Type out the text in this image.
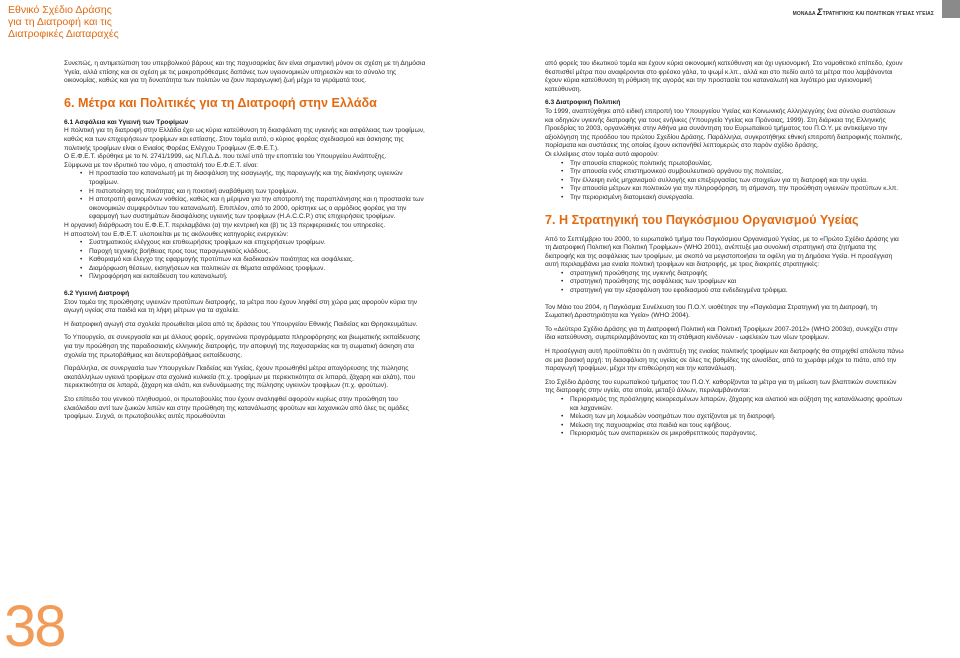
Εθνικό Σχέδιο Δράσης
για τη Διατροφή και τις
Διατροφικές Διαταραχές
ΜΟΝΑΔΑ ΣΤΡΑΤΗΓΙΚΗΣ ΚΑΙ ΠΟΛΙΤΙΚΩΝ ΥΓΕΙΑΣ ΥΓΕΙΑΣ
38

Συνεπώς, η αντιμετώπιση του υπερβολικού βάρους και της παχυσαρκίας δεν είναι σημαντική μόνον σε σχέση με τη Δημόσια Υγεία, αλλά επίσης και σε σχέση με τις μακροπρόθεσμες δαπάνες των υγειονομικών υπηρεσιών και το σύνολο της οικονομίας, καθώς και για τη δυνατότητα των πολιτών να ζουν παραγωγική ζωή μέχρι τα γεράματά τους.

6. Μέτρα και Πολιτικές για τη Διατροφή στην Ελλάδα
6.1 Ασφάλεια και Υγιεινή των Τροφίμων

Η πολιτική για τη διατροφή στην Ελλάδα έχει ως κύρια κατεύθυνση τη διασφάλιση της υγιεινής και ασφάλειας των τροφίμων, καθώς και των επιχειρήσεων τροφίμων και εστίασης. Στον τομέα αυτό, ο κύριος φορέας σχεδιασμού και άσκησης της πολιτικής τροφίμων είναι ο Ενιαίος Φορέας Ελέγχου Τροφίμων (Ε.Φ.Ε.Τ.).

Ο Ε.Φ.Ε.Τ. ιδρύθηκε με το Ν. 2741/1999, ως Ν.Π.Δ.Δ. που τελεί υπό την εποπτεία του Υπουργείου Ανάπτυξης.

Σύμφωνα με τον ιδρυτικό του νόμο, η αποστολή του Ε.Φ.Ε.Τ. είναι:

• Η προστασία του καταναλωτή με τη διασφάλιση της εισαγωγής, της παραγωγής και της διακίνησης υγιεινών τροφίμων.
• Η πιστοποίηση της ποιότητας και η ποιοτική αναβάθμιση των τροφίμων.
• Η αποτροπή φαινομένων νοθείας, καθώς και η μέριμνα για την αποτροπή της παραπλάνησης και η προστασία των οικονομικών συμφερόντων του καταναλωτή. Επιπλέον, από το 2000, ορίστηκε ως ο αρμόδιος φορέας για την εφαρμογή των συστημάτων διασφάλισης υγιεινής των τροφίμων (H.A.C.C.P.) στις επιχειρήσεις τροφίμων.

Η οργανική διάρθρωση του Ε.Φ.Ε.Τ. περιλαμβάνει (α) την κεντρική και (β) τις 13 περιφερειακές του υπηρεσίες.

Η αποστολή του Ε.Φ.Ε.Τ. υλοποιείται με τις ακόλουθες κατηγορίες ενεργειών:

• Συστηματικούς ελέγχους και επιθεωρήσεις τροφίμων και επιχειρήσεων τροφίμων.
• Παροχή τεχνικής βοήθειας προς τους παραγωγικούς κλάδους.
• Καθορισμό και έλεγχο της εφαρμογής προτύπων και διαδικασιών ποιότητας και ασφάλειας.
• Διαμόρφωση θέσεων, εισηγήσεων και πολιτικών σε θέματα ασφάλειας τροφίμων.
• Πληροφόρηση και εκπαίδευση του καταναλωτή.
6.2 Υγιεινή Διατροφή

Στον τομέα της προώθησης υγιεινών προτύπων διατροφής, τα μέτρα που έχουν ληφθεί στη χώρα μας αφορούν κύρια την αγωγή υγείας στα παιδιά και τη λήψη μέτρων για τα σχολεία.

Η διατροφική αγωγή στα σχολεία προωθείται μέσα από τις δράσεις του Υπουργείου Εθνικής Παιδείας και Θρησκευμάτων.

Το Υπουργείο, σε συνεργασία και με άλλους φορείς, οργανώνει προγράμματα πληροφόρησης και βιωματικής εκπαίδευσης για την προώθηση της παραδοσιακής ελληνικής διατροφής, την αποφυγή της παχυσαρκίας και τη σωματική άσκηση στα σχολεία της πρωτοβάθμιας και δευτεροβάθμιας εκπαίδευσης.

Παράλληλα, σε συνεργασία των Υπουργείων Παιδείας και Υγείας, έχουν προωθηθεί μέτρα απαγόρευσης της πώλησης ακατάλληλων υγιεινά τροφίμων στα σχολικά κυλικεία (π.χ. τροφίμων με περιεκτικότητα σε λιπαρά, ζάχαρη και αλάτι), που περιεκτικότητα σε λιπαρά, ζάχαρη και αλάτι, και ενδυνάμωσης της πώλησης υγιεινών τροφίμων (π.χ. φρούτων).

Στο επίπεδο του γενικού πληθυσμού, οι πρωτοβουλίες που έχουν αναληφθεί αφορούν κυρίως στην προώθηση του ελαιόλαδου αντί των ζωικών λιπών και στην προώθηση της κατανάλωσης φρούτων και λαχανικών από όλες τις ομάδες τροφίμων. Συχνά, οι πρωτοβουλίες αυτές προωθούνται

από φορείς του ιδιωτικού τομέα και έχουν κύρια οικονομική κατεύθυνση και όχι υγειονομική. Στο νομοθετικό επίπεδο, έχουν θεσπισθεί μέτρα που αναφέρονται στο φρέσκο γάλα, το ψωμί κ.λπ., αλλά και στο πεδίο αυτό τα μέτρα που λαμβάνονται έχουν κύρια κατεύθυνση τη ρύθμιση της αγοράς και την προστασία του καταναλωτή και λιγότερο μια υγειονομική κατεύθυνση.

6.3 Διατροφική Πολιτική

Το 1999, αναπτύχθηκε από ειδική επιτροπή του Υπουργείου Υγείας και Κοινωνικής Αλληλεγγύης ένα σύνολο συστάσεων και οδηγιών υγιεινής διατροφής για τους ενήλικες (Υπουργείο Υγείας και Πρόνοιας, 1999). Στη διάρκεια της Ελληνικής Προεδρίας το 2003, οργανώθηκε στην Αθήνα μια συνάντηση του Ευρωπαϊκού τμήματος του Π.Ο.Υ. με αντικείμενο την αξιολόγηση της προόδου του πρώτου Σχεδίου Δράσης. Παράλληλα, συγκροτήθηκε εθνική επιτροπή διατροφικής πολιτικής, πορίσματα και συστάσεις της οποίας έχουν εκπονήθεί λεπτομερώς στο παρόν σχέδιο δράσης.

Οι ελλείψεις στον τομέα αυτό αφορούν:

• Την απουσία επαρκούς πολιτικής πρωτοβουλίας.
• Την απουσία ενός επιστημονικού συμβουλευτικού οργάνου της πολιτείας.
• Την έλλειψη ενός μηχανισμού συλλογής και επεξεργασίας των στοιχείων για τη διατροφή και την υγεία.
• Την απουσία μέτρων και πολιτικών για την πληροφόρηση, τη σήμανση, την προώθηση υγιεινών προτύπων κ.λπ.
• Την περιορισμένη διατομεακή συνεργασία.
7. Η Στρατηγική του Παγκόσμιου Οργανισμού Υγείας

Από το Σεπτέμβριο του 2000, το ευρωπαϊκό τμήμα του Παγκόσμιου Οργανισμού Υγείας, με το «Πρώτο Σχέδιο Δράσης για τη Διατροφική Πολιτική και Πολιτική Τροφίμων» (WHO 2001), ανέπτυξε μια συνολική στρατηγική στα ζητήματα της διατροφής και της ασφάλειας των τροφίμων, με σκοπό να μεγιστοποιήσει τα οφέλη για τη Δημόσια Υγεία. Η προσέγγιση αυτή περιλαμβάνει μια ενιαία πολιτική τροφίμων και διατροφής, με τρεις διακριτές στρατηγικές:

• στρατηγική προώθησης της υγιεινής διατροφής
• στρατηγική προώθησης της ασφάλειας των τροφίμων και
• στρατηγική για την εξασφάλιση του εφοδιασμού στα ενδεδειγμένα τρόφιμα.

Τον Μάιο του 2004, η Παγκόσμια Συνέλευση του Π.Ο.Υ. υιοθέτησε την «Παγκόσμια Στρατηγική για τη Διατροφή, τη Σωματική Δραστηριότητα και Υγεία» (WHO 2004).

Το «Δεύτερο Σχέδιο Δράσης για τη Διατροφική Πολιτική και Πολιτική Τροφίμων 2007-2012» (WHO 2003α), συνεχίζει στην ίδια κατεύθυνση, συμπεριλαμβάνοντας και τη στάθμιση κινδύνων - ωφελειών των νέων τροφίμων.

Η προσέγγιση αυτή προϋποθέτει ότι η ανάπτυξη της ενιαίας πολιτικής τροφίμων και διατροφής θα στηριχθεί απόλυτα πάνω σε μια βασική αρχή: τη διασφάλιση της υγείας σε όλες τις βαθμίδες της αλυσίδας, από το χωράφι μέχρι το πιάτο, από την παραγωγή τροφίμων, μέχρι την επιθεώρηση και την κατανάλωση.

Στο Σχέδιο Δράσης του ευρωπαϊκού τμήματος του Π.Ο.Υ. καθορίζονται τα μέτρα για τη μείωση των βλαπτικών συνεπειών της διατροφής στην υγεία, στα οποία, μεταξύ άλλων, περιλαμβάνονται:

• Περιορισμός της πρόσληψης κεκορεσμένων λιπαρών, ζάχαρης και αλατιού και αύξηση της κατανάλωσης φρούτων και λαχανικών.
• Μείωση των μη λοιμωδών νοσημάτων που σχετίζονται με τη διατροφή.
• Μείωση της παχυσαρκίας στα παιδιά και τους εφήβους.
• Περιορισμός των ανεπαρκειών σε μικροθρεπτικούς παράγοντες.
